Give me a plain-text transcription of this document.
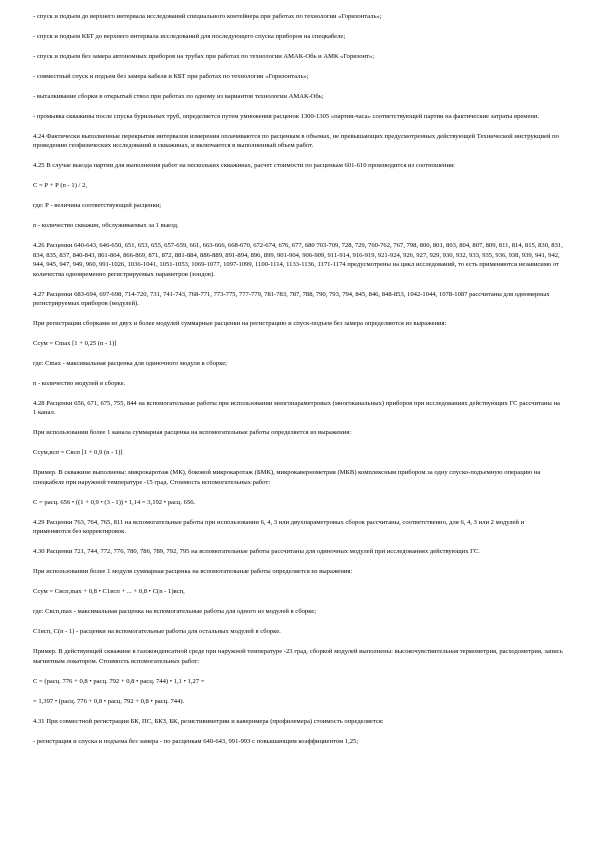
- спуск и подъем до верхнего интервала исследований специального контейнера при работах по технологии «Горизонталь»;

- спуск и подъем КБТ до верхнего интервала исследований для последующего спуска приборов на спецкабеле;

- спуск и подъем без замера автономных приборов на трубах при работах по технологии АМАК-Обь и АМК «Горизонт»;

- совместный спуск и подъем без замера кабеля и КБТ при работах по технологии «Горизонталь»;

- выталкивание сборки в открытый ствол при работах по одному из вариантов технологии АМАК-Обь;

- промывка скважины после спуска бурильных труб, определяется путем умножения расценок 1300-1305 «партия-часа» соответствующей партии на фактические затраты времени.

4.24 Фактически выполненные перекрытия интервалов измерения оплачиваются по расценкам в объемах, не превышающих предусмотренных действующей Технической инструкцией по проведению геофизических исследований в скважинах, и включаются в выполненный объем работ.

4.25 В случае выезда партии для выполнения работ на нескольких скважинах, расчет стоимости по расценкам 601-610 производится из соотношения:

С = Р + Р (n - 1) / 2,

где: Р - величина соответствующей расценки;

n - количество скважин, обслуживаемых за 1 выезд.

4.26 Расценки 640-643, 646-650, 651, 653, 655, 657-659, 661, 663-666, 668-670, 672-674, 676, 677, 680 703-709, 728, 729, 760-762, 767, 798, 800, 801, 803, 804, 807, 809, 811, 814, 815, 830, 831, 834, 835, 837, 840-843, 861-864, 866-869, 871, 872, 881-884, 886-889, 891-894, 896, 899, 901-904, 906-909, 911-914, 916-919, 921-924, 926, 927, 929, 930, 932, 933, 935, 936, 938, 939, 941, 942, 944, 945, 947, 949, 960, 991-1026, 1036-1041, 1051-1053, 1069-1077, 1097-1099, 1100-1114, 1133-1136, 1171-1174 предусмотрены на цикл исследований, то есть применяются независимо от количества одновременно регистрируемых параметров (зондов).

4.27 Расценки 683-694, 697-698, 714-720, 731, 741-743, 768-771, 773-775, 777-779, 781-783, 787, 788, 790, 793, 794, 845, 846, 848-853, 1042-1044, 1078-1087 рассчитаны для одномерных регистрируемых приборов (модулей).

При регистрации сборками из двух и более модулей суммарные расценки на регистрацию и спуск-подъем без замера определяются из выражения:

Ссум = Сmax [1 + 0,25 (n - 1)]

где: Сmax - максимальная расценка для одиночного модуля в сборке;

n - количество модулей в сборке.

4.28 Расценки 656, 671, 675, 755, 844 на вспомогательные работы при использовании многопараметровых (многоканальных) приборов при исследованиях действующих ГС рассчитаны на 1 канал.

При использовании более 1 канала суммарная расценка на вспомогательные работы определяется из выражения:

Ссум,вcп = Свcп [1 + 0,9 (n - 1)]

Пример. В скважине выполнены: микрокаротаж (МК), боковой микрокаротаж (БМК), микрокавернометрия (МКВ) комплексным прибором за одну спуско-подъемную операцию на спецкабеле при наружной температуре -15 град. Стоимость вспомогательных работ:

С = расц. 656 • ((1 + 0,9 • (3 - 1)) • 1,14 = 3,192 • расц. 656.

4.29 Расценки 763, 764, 765, 811 на вспомогательные работы при использовании 6, 4, 3 или двухпараметровых сборок рассчитаны, соответственно, для 6, 4, 3 или 2 модулей и применяются без корректировок.

4.30 Расценки 721, 744, 772, 776, 780, 786, 789, 792, 795 на вспомогательные работы рассчитаны для одиночных модулей при исследованиях действующих ГС.

При использовании более 1 модуля суммарная расценка на вспомогательные работы определяется из выражения:

Ссум = Свcп,max + 0,8 • С1вcп + ... + 0,8 • С(n - 1)вcп,

где: Свcп,max - максимальная расценка на вспомогательные работы для одного из модулей в сборке;

С1вcп, С(n - 1) - расценки на вспомогательные работы для остальных модулей в сборке.

Пример. В действующей скважине в газоконденсатной среде при наружной температуре -23 град. сборкой модулей выполнены: высокочувствительная термометрия, расходометрия, запись магнитным локатором. Стоимость вспомогательных работ:

С = (расц. 776 + 0,8 • расц. 792 + 0,8 • расц. 744) • 1,1 • 1,27 =

= 1,397 • (расц. 776 + 0,8 • расц. 792 + 0,8 • расц. 744).

4.31 При совместной регистрации БК, ПС, БКЗ, БК, резистивиметрии и кавернмера (профилемера) стоимость определяется:

- регистрация и спуска и подъема без замера - по расценкам 640-643, 991-993 с повышающим коэффициентом 1,25;
